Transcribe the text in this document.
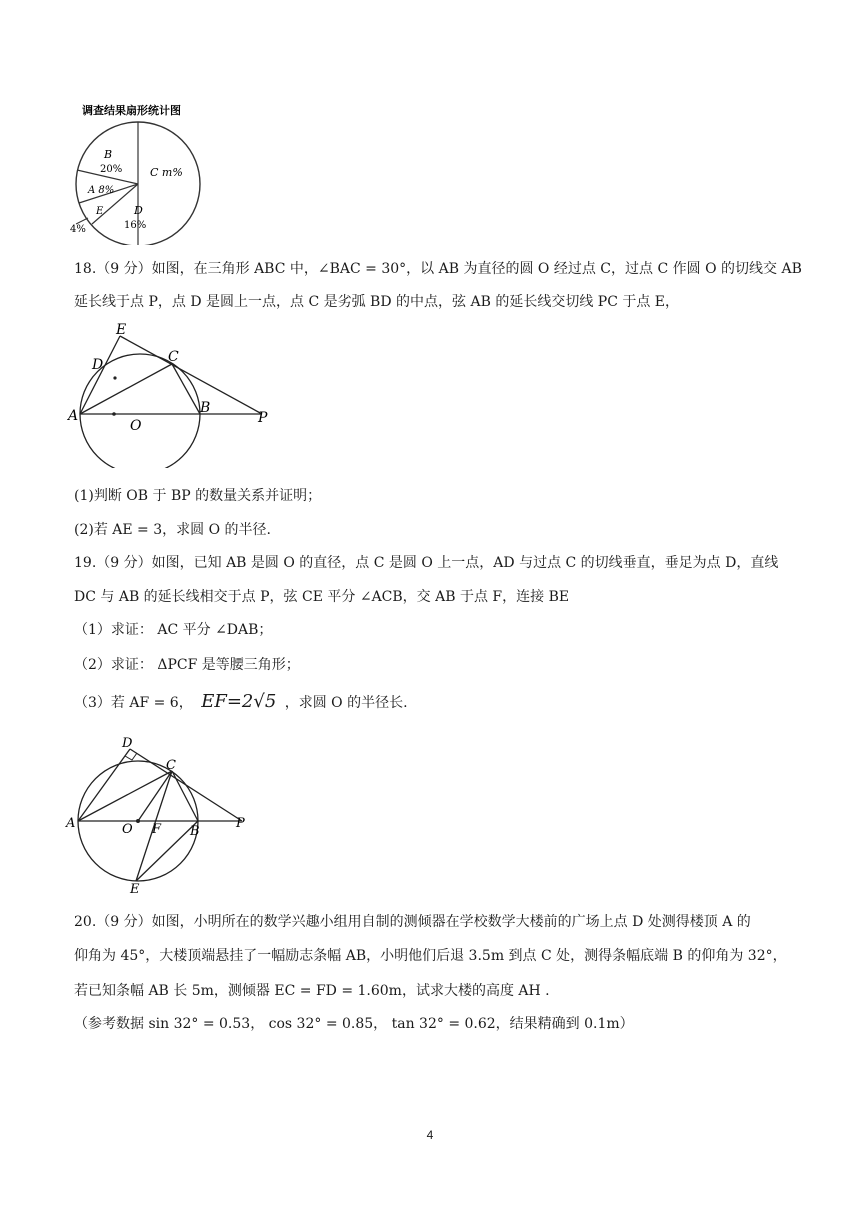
调查结果扇形统计图
B
20%
A 8%
C m%
D
16%
E
4%
18.（9 分）如图，在三角形 ABC 中，∠BAC = 30°，以 AB 为直径的圆 O 经过点 C，过点 C 作圆 O 的切线交 AB
延长线于点 P，点 D 是圆上一点，点 C 是劣弧 BD 的中点，弦 AB 的延长线交切线 PC 于点 E，
E
D	C
A	B
O	P
(1)判断 OB 于 BP 的数量关系并证明；
(2)若 AE = 3，求圆 O 的半径.
19.（9 分）如图，已知 AB 是圆 O 的直径，点 C 是圆 O 上一点，AD 与过点 C 的切线垂直，垂足为点 D，直线
DC 与 AB 的延长线相交于点 P，弦 CE 平分 ∠ACB，交 AB 于点 F，连接 BE
（1）求证： AC 平分 ∠DAB；
（2）求证： ΔPCF 是等腰三角形；
（3）若 AF = 6， EF=2√5 ，求圆 O 的半径长.
D
C
A	O F B
P
E
20.（9 分）如图，小明所在的数学兴趣小组用自制的测倾器在学校数学大楼前的广场上点 D 处测得楼顶 A 的
仰角为 45°，大楼顶端悬挂了一幅励志条幅 AB，小明他们后退 3.5m 到点 C 处，测得条幅底端 B 的仰角为 32°，
若已知条幅 AB 长 5m，测倾器 EC = FD = 1.60m，试求大楼的高度 AH .
（参考数据 sin 32° = 0.53， cos 32° = 0.85， tan 32° = 0.62，结果精确到 0.1m）
4
